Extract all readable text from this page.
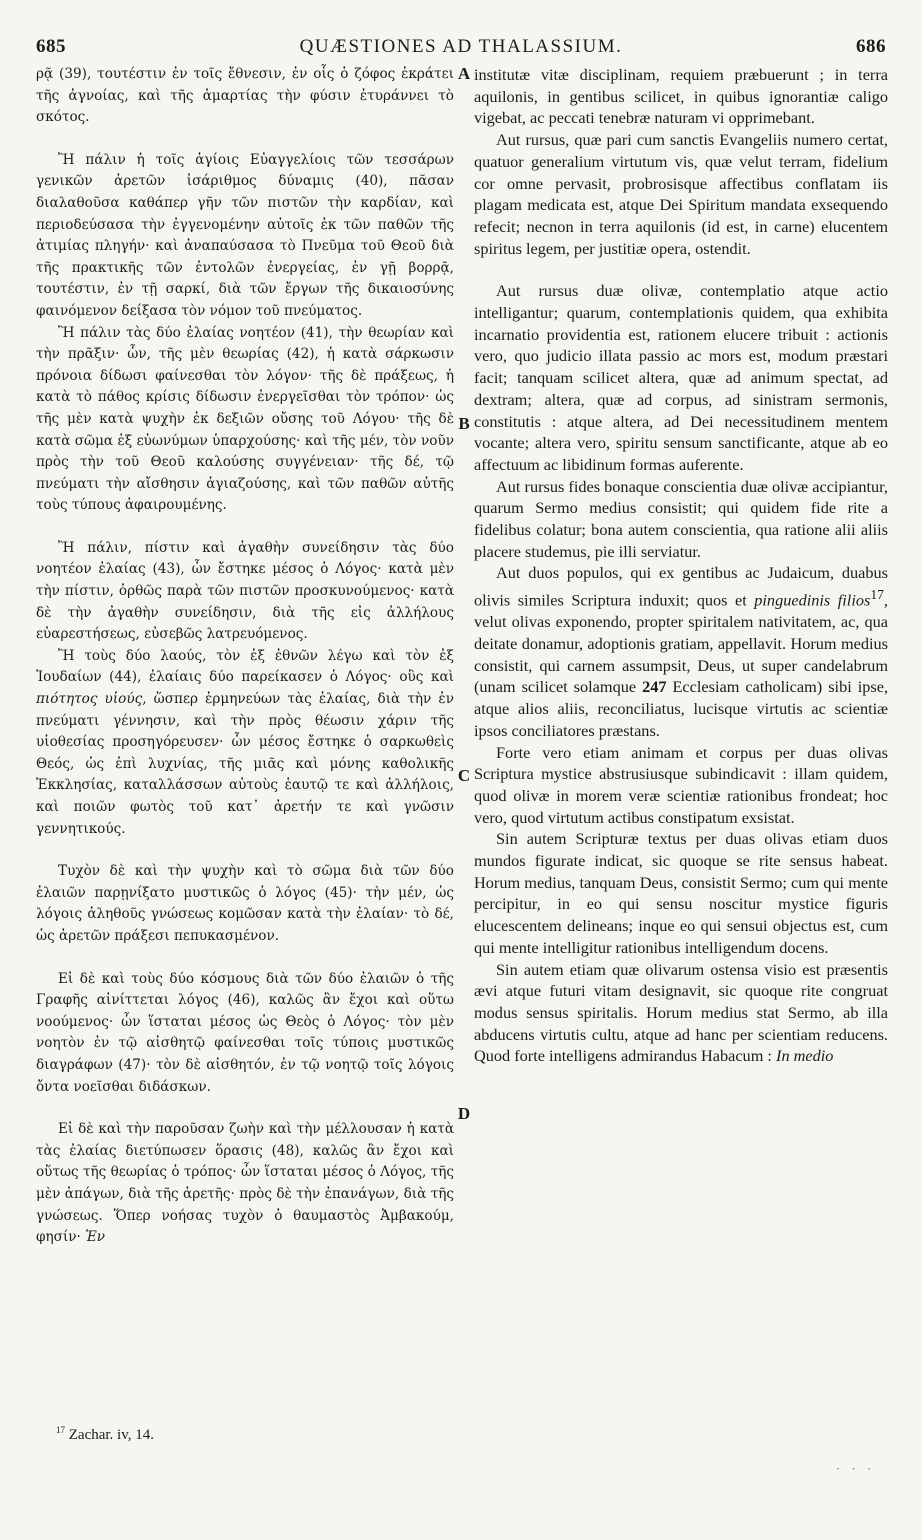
685	QUÆSTIONES AD THALASSIUM.	686

ρᾷ (39), τουτέστιν ἐν τοῖς ἔθνεσιν, ἐν οἷς ὁ ζόφος ἐκράτει τῆς ἀγνοίας, καὶ τῆς ἁμαρτίας τὴν φύσιν ἐτυράννει τὸ σκότος.

Ἢ πάλιν ἡ τοῖς ἁγίοις Εὐαγγελίοις τῶν τεσσάρων γενικῶν ἀρετῶν ἰσάριθμος δύναμις (40), πᾶσαν διαλαθοῦσα καθάπερ γῆν τῶν πιστῶν τὴν καρδίαν, καὶ περιοδεύσασα τὴν ἐγγενομένην αὐτοῖς ἐκ τῶν παθῶν τῆς ἀτιμίας πληγήν· καὶ ἀναπαύσασα τὸ Πνεῦμα τοῦ Θεοῦ διὰ τῆς πρακτικῆς τῶν ἐντολῶν ἐνεργείας, ἐν γῇ βορρᾷ, τουτέστιν, ἐν τῇ σαρκί, διὰ τῶν ἔργων τῆς δικαιοσύνης φαινόμενον δείξασα τὸν νόμον τοῦ πνεύματος.

Ἢ πάλιν τὰς δύο ἐλαίας νοητέον (41), τὴν θεωρίαν καὶ τὴν πρᾶξιν· ὧν, τῆς μὲν θεωρίας (42), ἡ κατὰ σάρκωσιν πρόνοια δίδωσι φαίνεσθαι τὸν λόγον· τῆς δὲ πράξεως, ἡ κατὰ τὸ πάθος κρίσις δίδωσιν ἐνεργεῖσθαι τὸν τρόπον· ὡς τῆς μὲν κατὰ ψυχὴν ἐκ δεξιῶν οὔσης τοῦ Λόγου· τῆς δὲ κατὰ σῶμα ἐξ εὐωνύμων ὑπαρχούσης· καὶ τῆς μέν, τὸν νοῦν πρὸς τὴν τοῦ Θεοῦ καλούσης συγγένειαν· τῆς δέ, τῷ πνεύματι τὴν αἴσθησιν ἁγιαζούσης, καὶ τῶν παθῶν αὐτῆς τοὺς τύπους ἀφαιρουμένης.

Ἢ πάλιν, πίστιν καὶ ἀγαθὴν συνείδησιν τὰς δύο νοητέον ἐλαίας (43), ὧν ἔστηκε μέσος ὁ Λόγος· κατὰ μὲν τὴν πίστιν, ὀρθῶς παρὰ τῶν πιστῶν προσκυνούμενος· κατὰ δὲ τὴν ἀγαθὴν συνείδησιν, διὰ τῆς εἰς ἀλλήλους εὐαρεστήσεως, εὐσεβῶς λατρευόμενος.

Ἢ τοὺς δύο λαούς, τὸν ἐξ ἐθνῶν λέγω καὶ τὸν ἐξ Ἰουδαίων (44), ἐλαίαις δύο παρείκασεν ὁ Λόγος· οὓς καὶ πιότητος υἱούς, ὥσπερ ἑρμηνεύων τὰς ἐλαίας, διὰ τὴν ἐν πνεύματι γέννησιν, καὶ τὴν πρὸς θέωσιν χάριν τῆς υἱοθεσίας προσηγόρευσεν· ὧν μέσος ἔστηκε ὁ σαρκωθεὶς Θεός, ὡς ἐπὶ λυχνίας, τῆς μιᾶς καὶ μόνης καθολικῆς Ἐκκλησίας, καταλλάσσων αὐτοὺς ἑαυτῷ τε καὶ ἀλλήλοις, καὶ ποιῶν φωτὸς τοῦ κατ᾽ ἀρετήν τε καὶ γνῶσιν γεννητικούς.

Τυχὸν δὲ καὶ τὴν ψυχὴν καὶ τὸ σῶμα διὰ τῶν δύο ἐλαιῶν παρῃνίξατο μυστικῶς ὁ λόγος (45)· τὴν μέν, ὡς λόγοις ἀληθοῦς γνώσεως κομῶσαν κατὰ τὴν ἐλαίαν· τὸ δέ, ὡς ἀρετῶν πράξεσι πεπυκασμένον.

Εἰ δὲ καὶ τοὺς δύο κόσμους διὰ τῶν δύο ἐλαιῶν ὁ τῆς Γραφῆς αἰνίττεται λόγος (46), καλῶς ἂν ἔχοι καὶ οὕτω νοούμενος· ὧν ἵσταται μέσος ὡς Θεὸς ὁ Λόγος· τὸν μὲν νοητὸν ἐν τῷ αἰσθητῷ φαίνεσθαι τοῖς τύποις μυστικῶς διαγράφων (47)· τὸν δὲ αἰσθητόν, ἐν τῷ νοητῷ τοῖς λόγοις ὄντα νοεῖσθαι διδάσκων.

Εἰ δὲ καὶ τὴν παροῦσαν ζωὴν καὶ τὴν μέλλουσαν ἡ κατὰ τὰς ἐλαίας διετύπωσεν ὅρασις (48), καλῶς ἂν ἔχοι καὶ οὕτως τῆς θεωρίας ὁ τρόπος· ὧν ἵσταται μέσος ὁ Λόγος, τῆς μὲν ἀπάγων, διὰ τῆς ἀρετῆς· πρὸς δὲ τὴν ἐπανάγων, διὰ τῆς γνώσεως. Ὅπερ νοήσας τυχὸν ὁ θαυμαστὸς Ἀμβακούμ, φησίν· Ἐν

A
B
C
D

institutæ vitæ disciplinam, requiem præbuerunt ; in terra aquilonis, in gentibus scilicet, in quibus ignorantiæ caligo vigebat, ac peccati tenebræ naturam vi opprimebant.

Aut rursus, quæ pari cum sanctis Evangeliis numero certat, quatuor generalium virtutum vis, quæ velut terram, fidelium cor omne pervasit, probrosisque affectibus conflatam iis plagam medicata est, atque Dei Spiritum mandata exsequendo refecit; necnon in terra aquilonis (id est, in carne) elucentem spiritus legem, per justitiæ opera, ostendit.

Aut rursus duæ olivæ, contemplatio atque actio intelligantur; quarum, contemplationis quidem, qua exhibita incarnatio providentia est, rationem elucere tribuit : actionis vero, quo judicio illata passio ac mors est, modum præstari facit; tanquam scilicet altera, quæ ad animum spectat, ad dextram; altera, quæ ad corpus, ad sinistram sermonis, constitutis : atque altera, ad Dei necessitudinem mentem vocante; altera vero, spiritu sensum sanctificante, atque ab eo affectuum ac libidinum formas auferente.

Aut rursus fides bonaque conscientia duæ olivæ accipiantur, quarum Sermo medius consistit; qui quidem fide rite a fidelibus colatur; bona autem conscientia, qua ratione alii aliis placere studemus, pie illi serviatur.

Aut duos populos, qui ex gentibus ac Judaicum, duabus olivis similes Scriptura induxit; quos et pinguedinis filios$^{17}$, velut olivas exponendo, propter spiritalem nativitatem, ac, qua deitate donamur, adoptionis gratiam, appellavit. Horum medius consistit, qui carnem assumpsit, Deus, ut super candelabrum (unam scilicet solamque 247 Ecclesiam catholicam) sibi ipse, atque alios aliis, reconciliatus, lucisque virtutis ac scientiæ ipsos conciliatores præstans.

Forte vero etiam animam et corpus per duas olivas Scriptura mystice abstrusiusque subindicavit : illam quidem, quod olivæ in morem veræ scientiæ rationibus frondeat; hoc vero, quod virtutum actibus constipatum exsistat.

Sin autem Scripturæ textus per duas olivas etiam duos mundos figurate indicat, sic quoque se rite sensus habeat. Horum medius, tanquam Deus, consistit Sermo; cum qui mente percipitur, in eo qui sensu noscitur mystice figuris elucescentem delineans; inque eo qui sensui objectus est, cum qui mente intelligitur rationibus intelligendum docens.

Sin autem etiam quæ olivarum ostensa visio est præsentis ævi atque futuri vitam designavit, sic quoque rite congruat modus sensus spiritalis. Horum medius stat Sermo, ab illa abducens virtutis cultu, atque ad hanc per scientiam reducens. Quod forte intelligens admirandus Habacum : In medio

$^{17}$ Zachar. iv, 14.
· · ·
